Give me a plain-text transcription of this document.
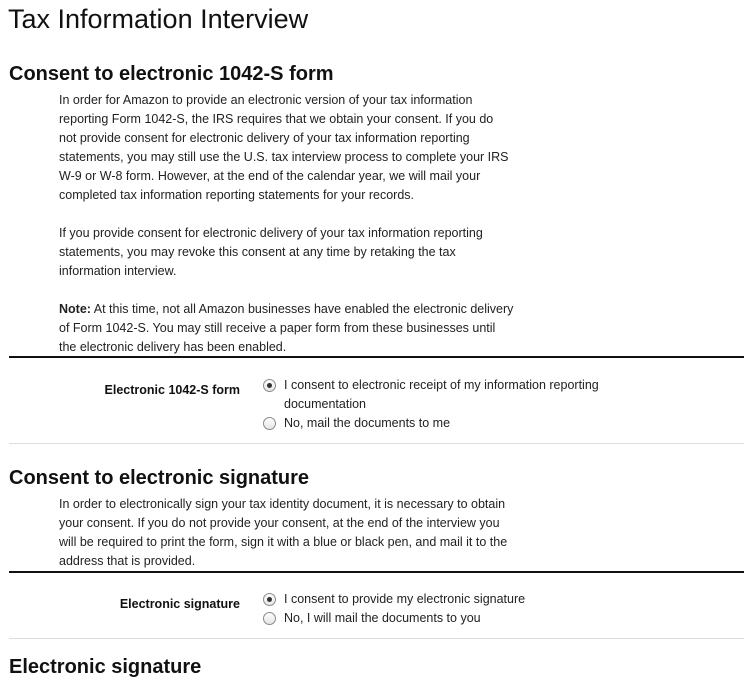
Tax Information Interview
Consent to electronic 1042-S form

In order for Amazon to provide an electronic version of your tax information reporting Form 1042-S, the IRS requires that we obtain your consent. If you do not provide consent for electronic delivery of your tax information reporting statements, you may still use the U.S. tax interview process to complete your IRS W-9 or W-8 form. However, at the end of the calendar year, we will mail your completed tax information reporting statements for your records.

If you provide consent for electronic delivery of your tax information reporting statements, you may revoke this consent at any time by retaking the tax information interview.

Note: At this time, not all Amazon businesses have enabled the electronic delivery of Form 1042-S. You may still receive a paper form from these businesses until the electronic delivery has been enabled.

Electronic 1042-S form	I consent to electronic receipt of my information reporting documentation
No, mail the documents to me
Consent to electronic signature

In order to electronically sign your tax identity document, it is necessary to obtain your consent. If you do not provide your consent, at the end of the interview you will be required to print the form, sign it with a blue or black pen, and mail it to the address that is provided.

Electronic signature	I consent to provide my electronic signature
No, I will mail the documents to you
Electronic signature
